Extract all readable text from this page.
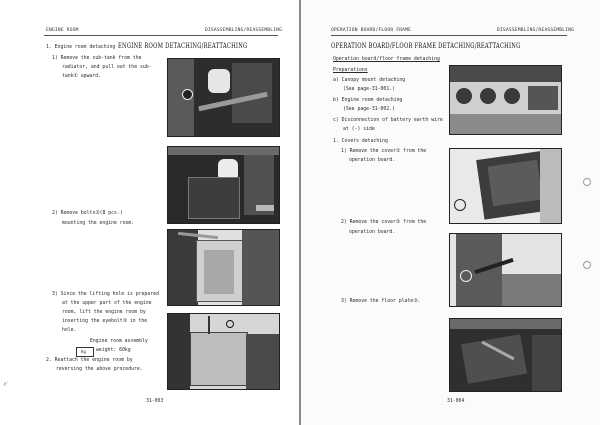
ENGINE ROOM	DISASSEMBLING/REASSEMBLING
1. Engine room detaching ENGINE ROOM DETACHING/REATTACHING
1) Remove the sub-tank from the
radiator, and pull out the sub-
tank① upward.
2) Remove bolts②(8 pcs.)
mounting the engine room.
3) Since the lifting hole is prepared
at the upper part of the engine
room, lift the engine room by
inserting the eyebolt③ in the
hole.
Engine room assembly
kg weight: 60kg
2. Reattach the engine room by
reversing the above procedure.
ﾀﾞ
31-003
OPERATION BOARD/FLOOR FRAME	DISASSEMBLING/REASSEMBLING
OPERATION BOARD/FLOOR FRAME DETACHING/REATTACHING
Operation board/floor frame detaching
Preparations
a) Canopy mount detaching
(See page-31-001.)
b) Engine room detaching
(See page-31-002.)
c) Disconnection of battery earth wire
at (-) side
1. Covers detaching
1) Remove the cover① from the
operation board.
2) Remove the cover② from the
operation board.
3) Remove the floor plate③.
31-004
